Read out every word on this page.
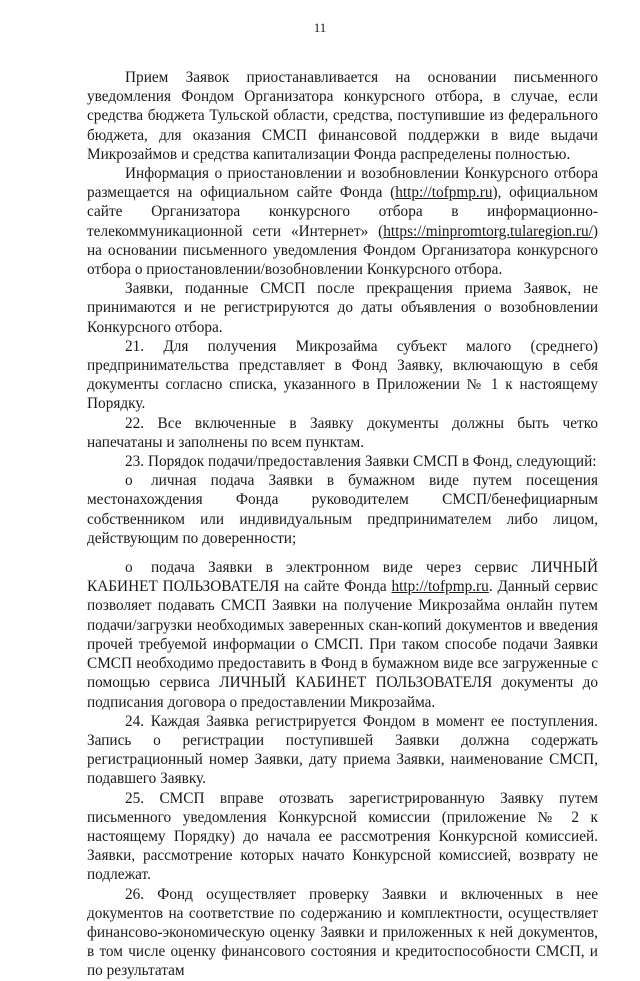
11

Прием Заявок приостанавливается на основании письменного уведомления Фондом Организатора конкурсного отбора, в случае, если средства бюджета Тульской области, средства, поступившие из федерального бюджета, для оказания СМСП финансовой поддержки в виде выдачи Микрозаймов и средства капитализации Фонда распределены полностью.

Информация о приостановлении и возобновлении Конкурсного отбора размещается на официальном сайте Фонда (http://tofpmp.ru), официальном сайте Организатора конкурсного отбора в информационно-телекоммуникационной сети «Интернет» (https://minpromtorg.tularegion.ru/) на основании письменного уведомления Фондом Организатора конкурсного отбора о приостановлении/возобновлении Конкурсного отбора.

Заявки, поданные СМСП после прекращения приема Заявок, не принимаются и не регистрируются до даты объявления о возобновлении Конкурсного отбора.

21. Для получения Микрозайма субъект малого (среднего) предпринимательства представляет в Фонд Заявку, включающую в себя документы согласно списка, указанного в Приложении № 1 к настоящему Порядку.

22. Все включенные в Заявку документы должны быть четко напечатаны и заполнены по всем пунктам.

23. Порядок подачи/предоставления Заявки СМСП в Фонд, следующий:

o личная подача Заявки в бумажном виде путем посещения местонахождения Фонда руководителем СМСП/бенефициарным собственником или индивидуальным предпринимателем либо лицом, действующим по доверенности;

o подача Заявки в электронном виде через сервис ЛИЧНЫЙ КАБИНЕТ ПОЛЬЗОВАТЕЛЯ на сайте Фонда http://tofpmp.ru. Данный сервис позволяет подавать СМСП Заявки на получение Микрозайма онлайн путем подачи/загрузки необходимых заверенных скан-копий документов и введения прочей требуемой информации о СМСП. При таком способе подачи Заявки СМСП необходимо предоставить в Фонд в бумажном виде все загруженные с помощью сервиса ЛИЧНЫЙ КАБИНЕТ ПОЛЬЗОВАТЕЛЯ документы до подписания договора о предоставлении Микрозайма.

24. Каждая Заявка регистрируется Фондом в момент ее поступления. Запись о регистрации поступившей Заявки должна содержать регистрационный номер Заявки, дату приема Заявки, наименование СМСП, подавшего Заявку.

25. СМСП вправе отозвать зарегистрированную Заявку путем письменного уведомления Конкурсной комиссии (приложение № 2 к настоящему Порядку) до начала ее рассмотрения Конкурсной комиссией. Заявки, рассмотрение которых начато Конкурсной комиссией, возврату не подлежат.

26. Фонд осуществляет проверку Заявки и включенных в нее документов на соответствие по содержанию и комплектности, осуществляет финансово-экономическую оценку Заявки и приложенных к ней документов, в том числе оценку финансового состояния и кредитоспособности СМСП, и по результатам
